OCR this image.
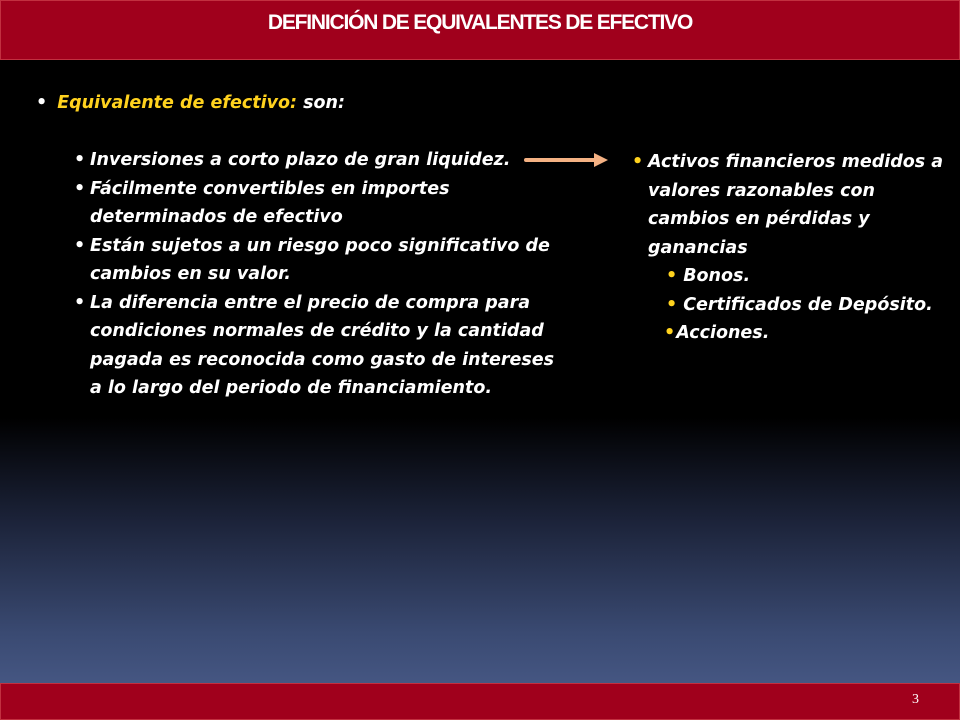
DEFINICIÓN DE EQUIVALENTES DE EFECTIVO
• Equivalente de efectivo: son:
• Inversiones a corto plazo de gran liquidez.
• Fácilmente convertibles en importes determinados de efectivo
• Están sujetos a un riesgo poco significativo de cambios en su valor.
• La diferencia entre el precio de compra para condiciones normales de crédito y la cantidad pagada es reconocida como gasto de intereses a lo largo del periodo de financiamiento.
• Activos financieros medidos a valores razonables con cambios en pérdidas y ganancias
• Bonos.
• Certificados de Depósito.
•Acciones.
3
